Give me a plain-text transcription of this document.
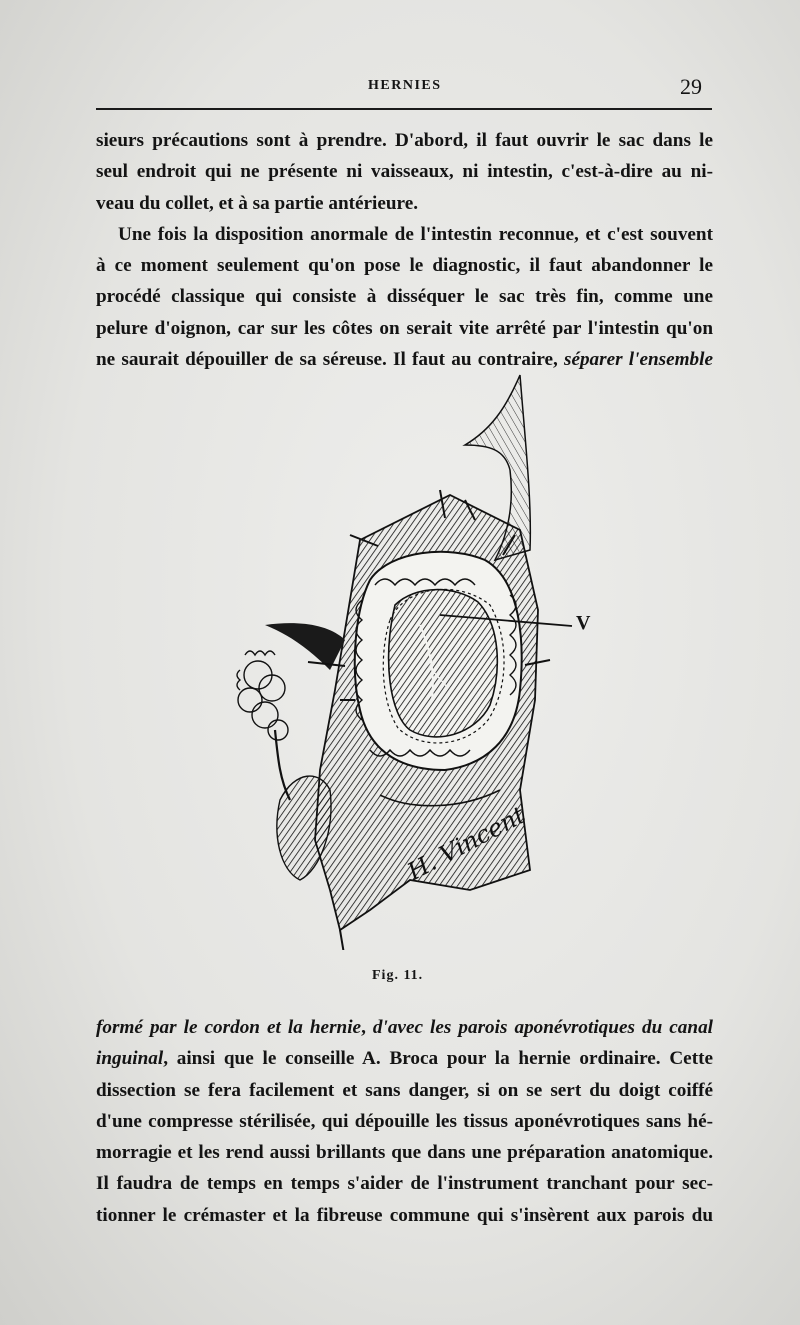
HERNIES	29

sieurs précautions sont à prendre. D'abord, il faut ouvrir le sac dans le

seul endroit qui ne présente ni vaisseaux, ni intestin, c'est-à-dire au ni-

veau du collet, et à sa partie antérieure.

Une fois la disposition anormale de l'intestin reconnue, et c'est souvent

à ce moment seulement qu'on pose le diagnostic, il faut abandonner le

procédé classique qui consiste à disséquer le sac très fin, comme une

pelure d'oignon, car sur les côtes on serait vite arrêté par l'intestin qu'on

ne saurait dépouiller de sa séreuse. Il faut au contraire, séparer l'ensemble

V
H. Vincent
Fig. 11.

formé par le cordon et la hernie, d'avec les parois aponévrotiques du canal

inguinal, ainsi que le conseille A. Broca pour la hernie ordinaire. Cette

dissection se fera facilement et sans danger, si on se sert du doigt coiffé

d'une compresse stérilisée, qui dépouille les tissus aponévrotiques sans hé-

morragie et les rend aussi brillants que dans une préparation anatomique.

Il faudra de temps en temps s'aider de l'instrument tranchant pour sec-

tionner le crémaster et la fibreuse commune qui s'insèrent aux parois du
